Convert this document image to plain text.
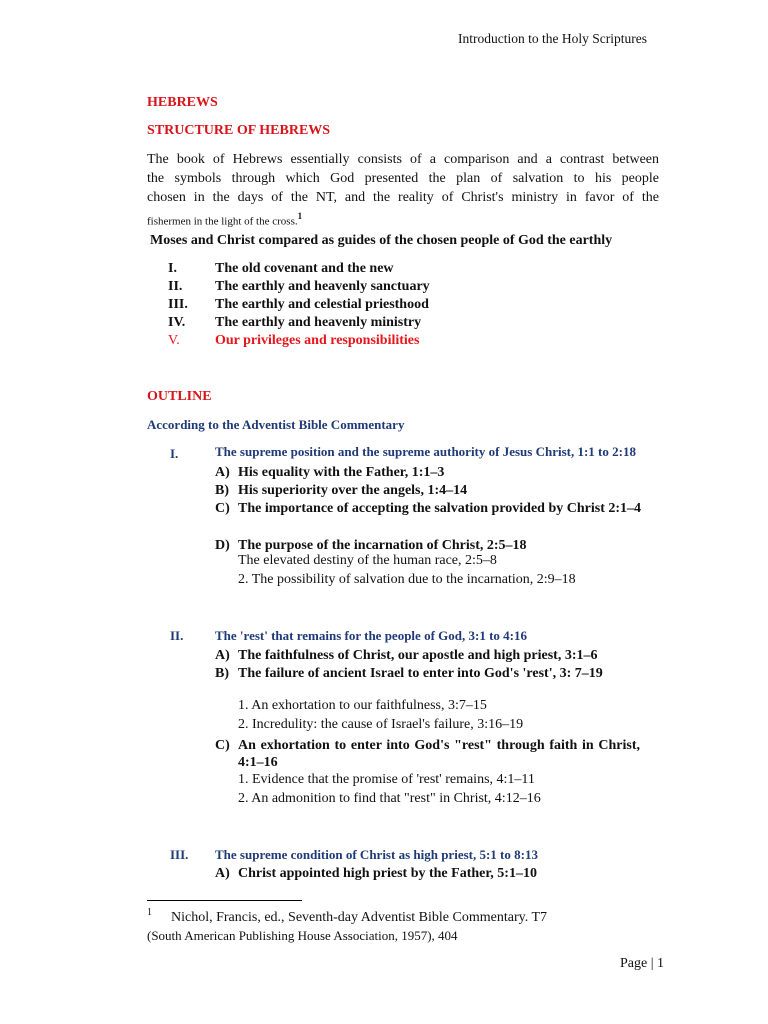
Introduction to the Holy Scriptures
HEBREWS
STRUCTURE OF HEBREWS
The book of Hebrews essentially consists of a comparison and a contrast between
the symbols through which God presented the plan of salvation to his people
chosen in the days of the NT, and the reality of Christ's ministry in favor of the
fishermen in the light of the cross.$^1$
Moses and Christ compared as guides of the chosen people of God the earthly
I.	The old covenant and the new
II.	The earthly and heavenly sanctuary
III.	The earthly and celestial priesthood
IV.	The earthly and heavenly ministry
V.	Our privileges and responsibilities
OUTLINE
According to the Adventist Bible Commentary
I.	The supreme position and the supreme authority of Jesus Christ, 1:1 to 2:18
A) His equality with the Father, 1:1–3
B) His superiority over the angels, 1:4–14
C) The importance of accepting the salvation provided by Christ 2:1–4
D) The purpose of the incarnation of Christ, 2:5–18
The elevated destiny of the human race, 2:5–8
2. The possibility of salvation due to the incarnation, 2:9–18
II. The 'rest' that remains for the people of God, 3:1 to 4:16
A) The faithfulness of Christ, our apostle and high priest, 3:1–6
B) The failure of ancient Israel to enter into God's 'rest', 3: 7–19
1. An exhortation to our faithfulness, 3:7–15
2. Incredulity: the cause of Israel's failure, 3:16–19
C) An exhortation to enter into God's "rest" through faith in Christ, 4:1–16
1. Evidence that the promise of 'rest' remains, 4:1–11
2. An admonition to find that "rest" in Christ, 4:12–16
III. The supreme condition of Christ as high priest, 5:1 to 8:13
A) Christ appointed high priest by the Father, 5:1–10
1 Nichol, Francis, ed., Seventh-day Adventist Bible Commentary. T7
(South American Publishing House Association, 1957), 404
Page | 1
